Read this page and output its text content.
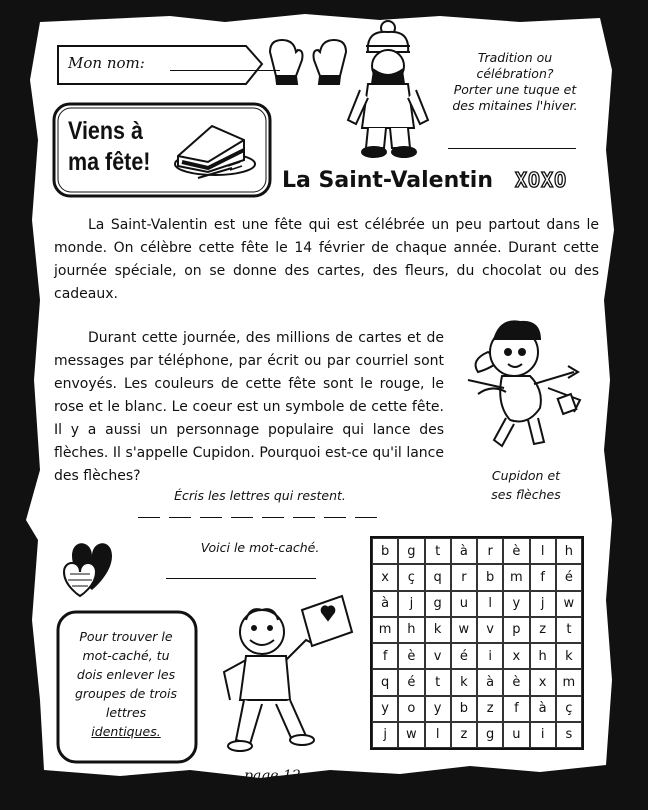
Mon nom:
Viens à
ma fête!
Tradition ou
célébration?
Porter une tuque et
des mitaines l'hiver.
La Saint-Valentin XOXO
La Saint-Valentin est une fête qui est célébrée un peu partout dans le monde. On célèbre cette fête le 14 février de chaque année. Durant cette journée spéciale, on se donne des cartes, des fleurs, du chocolat ou des cadeaux.
Durant cette journée, des millions de cartes et de messages par téléphone, par écrit ou par courriel sont envoyés. Les couleurs de cette fête sont le rouge, le rose et le blanc. Le coeur est un symbole de cette fête. Il y a aussi un personnage populaire qui lance des flèches. Il s'appelle Cupidon. Pourquoi est-ce qu'il lance des flèches?	Cupidon et
ses flèches
Écris les lettres qui restent.
Voici le mot-caché.
Pour trouver le
mot-caché, tu
dois enlever les
groupes de trois
lettres
identiques.
b	g	t	à	r	è	l	h
x	ç	q	r	b	m	f	é
à	j	g	u	l	y	j	w
m	h	k	w	v	p	z	t
f	è	v	é	i	x	h	k
q	é	t	k	à	è	x	m
y	o	y	b	z	f	à	ç
j	w	l	z	g	u	i	s
page 12
